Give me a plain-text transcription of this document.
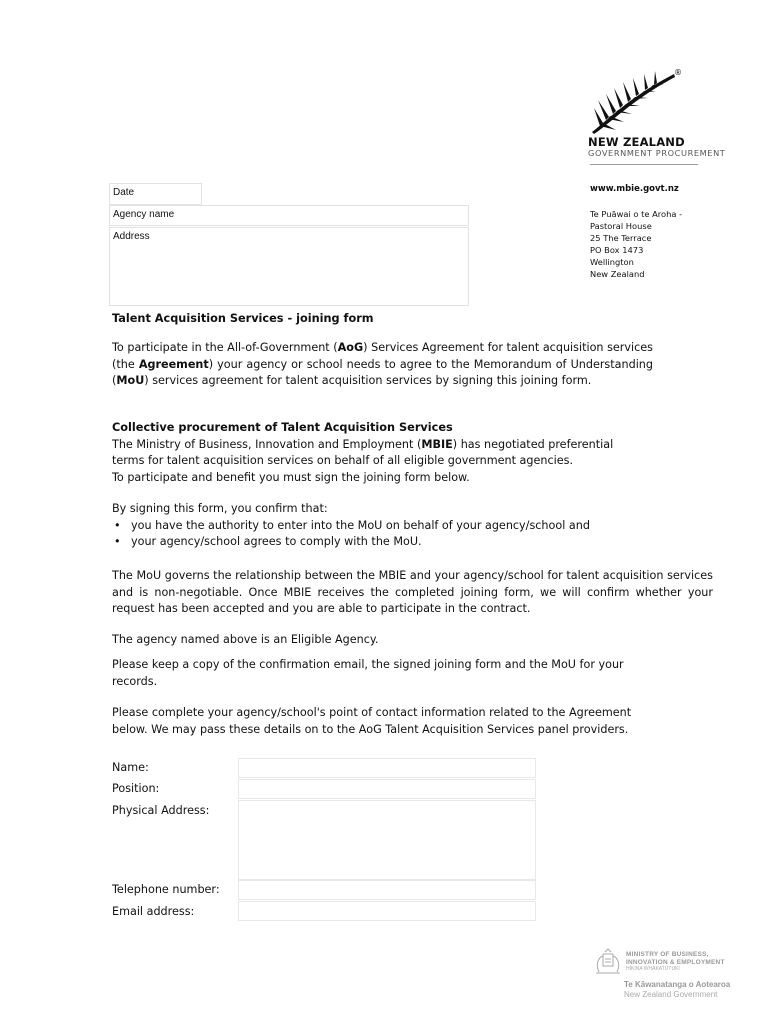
®
NEW ZEALAND
GOVERNMENT PROCUREMENT
www.mbie.govt.nz
Te Puāwai o te Aroha -
Pastoral House
25 The Terrace
PO Box 1473
Wellington
New Zealand
Date
Agency name
Address
Talent Acquisition Services - joining form
To participate in the All-of-Government (AoG) Services Agreement for talent acquisition services (the Agreement) your agency or school needs to agree to the Memorandum of Understanding (MoU) services agreement for talent acquisition services by signing this joining form.
Collective procurement of Talent Acquisition Services
The Ministry of Business, Innovation and Employment (MBIE) has negotiated preferential
terms for talent acquisition services on behalf of all eligible government agencies.
To participate and benefit you must sign the joining form below.
By signing this form, you confirm that:
• you have the authority to enter into the MoU on behalf of your agency/school and
• your agency/school agrees to comply with the MoU.
The MoU governs the relationship between the MBIE and your agency/school for talent acquisition services and is non-negotiable. Once MBIE receives the completed joining form, we will confirm whether your request has been accepted and you are able to participate in the contract.
The agency named above is an Eligible Agency.
Please keep a copy of the confirmation email, the signed joining form and the MoU for your records.
Please complete your agency/school's point of contact information related to the Agreement below. We may pass these details on to the AoG Talent Acquisition Services panel providers.
Name:
Position:
Physical Address:
Telephone number:
Email address:
MINISTRY OF BUSINESS,
INNOVATION & EMPLOYMENT
HĪKINA WHAKATUTUKI
Te Kāwanatanga o Aotearoa
New Zealand Government
